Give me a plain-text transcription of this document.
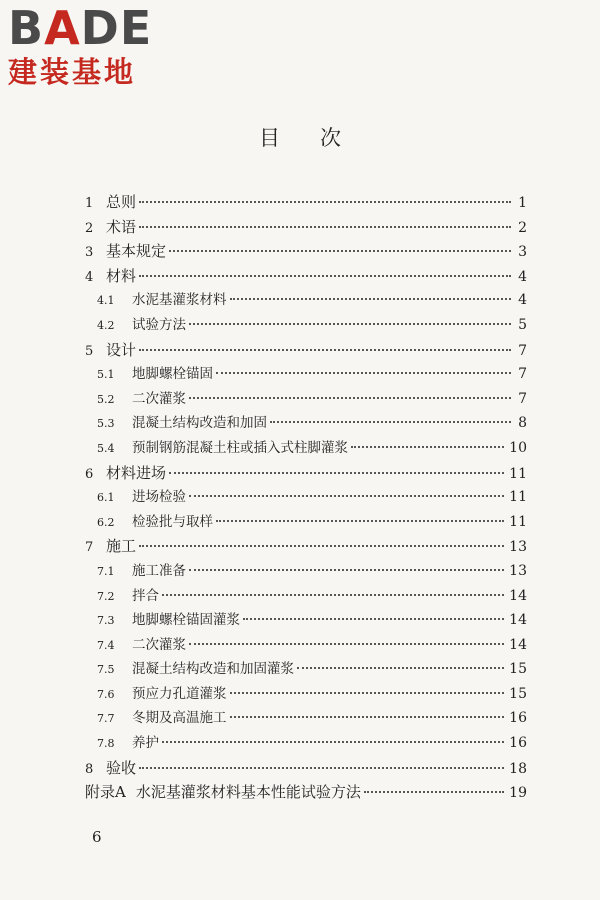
BADE
建装基地
目次
1 总则	1
2 术语	2
3 基本规定	3
4 材料	4
4.1	水泥基灌浆材料	4
4.2	试验方法	5
5 设计	7
5.1	地脚螺栓锚固	7
5.2	二次灌浆	7
5.3	混凝土结构改造和加固	8
5.4	预制钢筋混凝土柱或插入式柱脚灌浆	10
6 材料进场	11
6.1	进场检验	11
6.2	检验批与取样	11
7 施工	13
7.1	施工准备	13
7.2	拌合	14
7.3	地脚螺栓锚固灌浆	14
7.4	二次灌浆	14
7.5	混凝土结构改造和加固灌浆	15
7.6	预应力孔道灌浆	15
7.7	冬期及高温施工	16
7.8	养护	16
8 验收	18
附录A 水泥基灌浆材料基本性能试验方法	19
6
